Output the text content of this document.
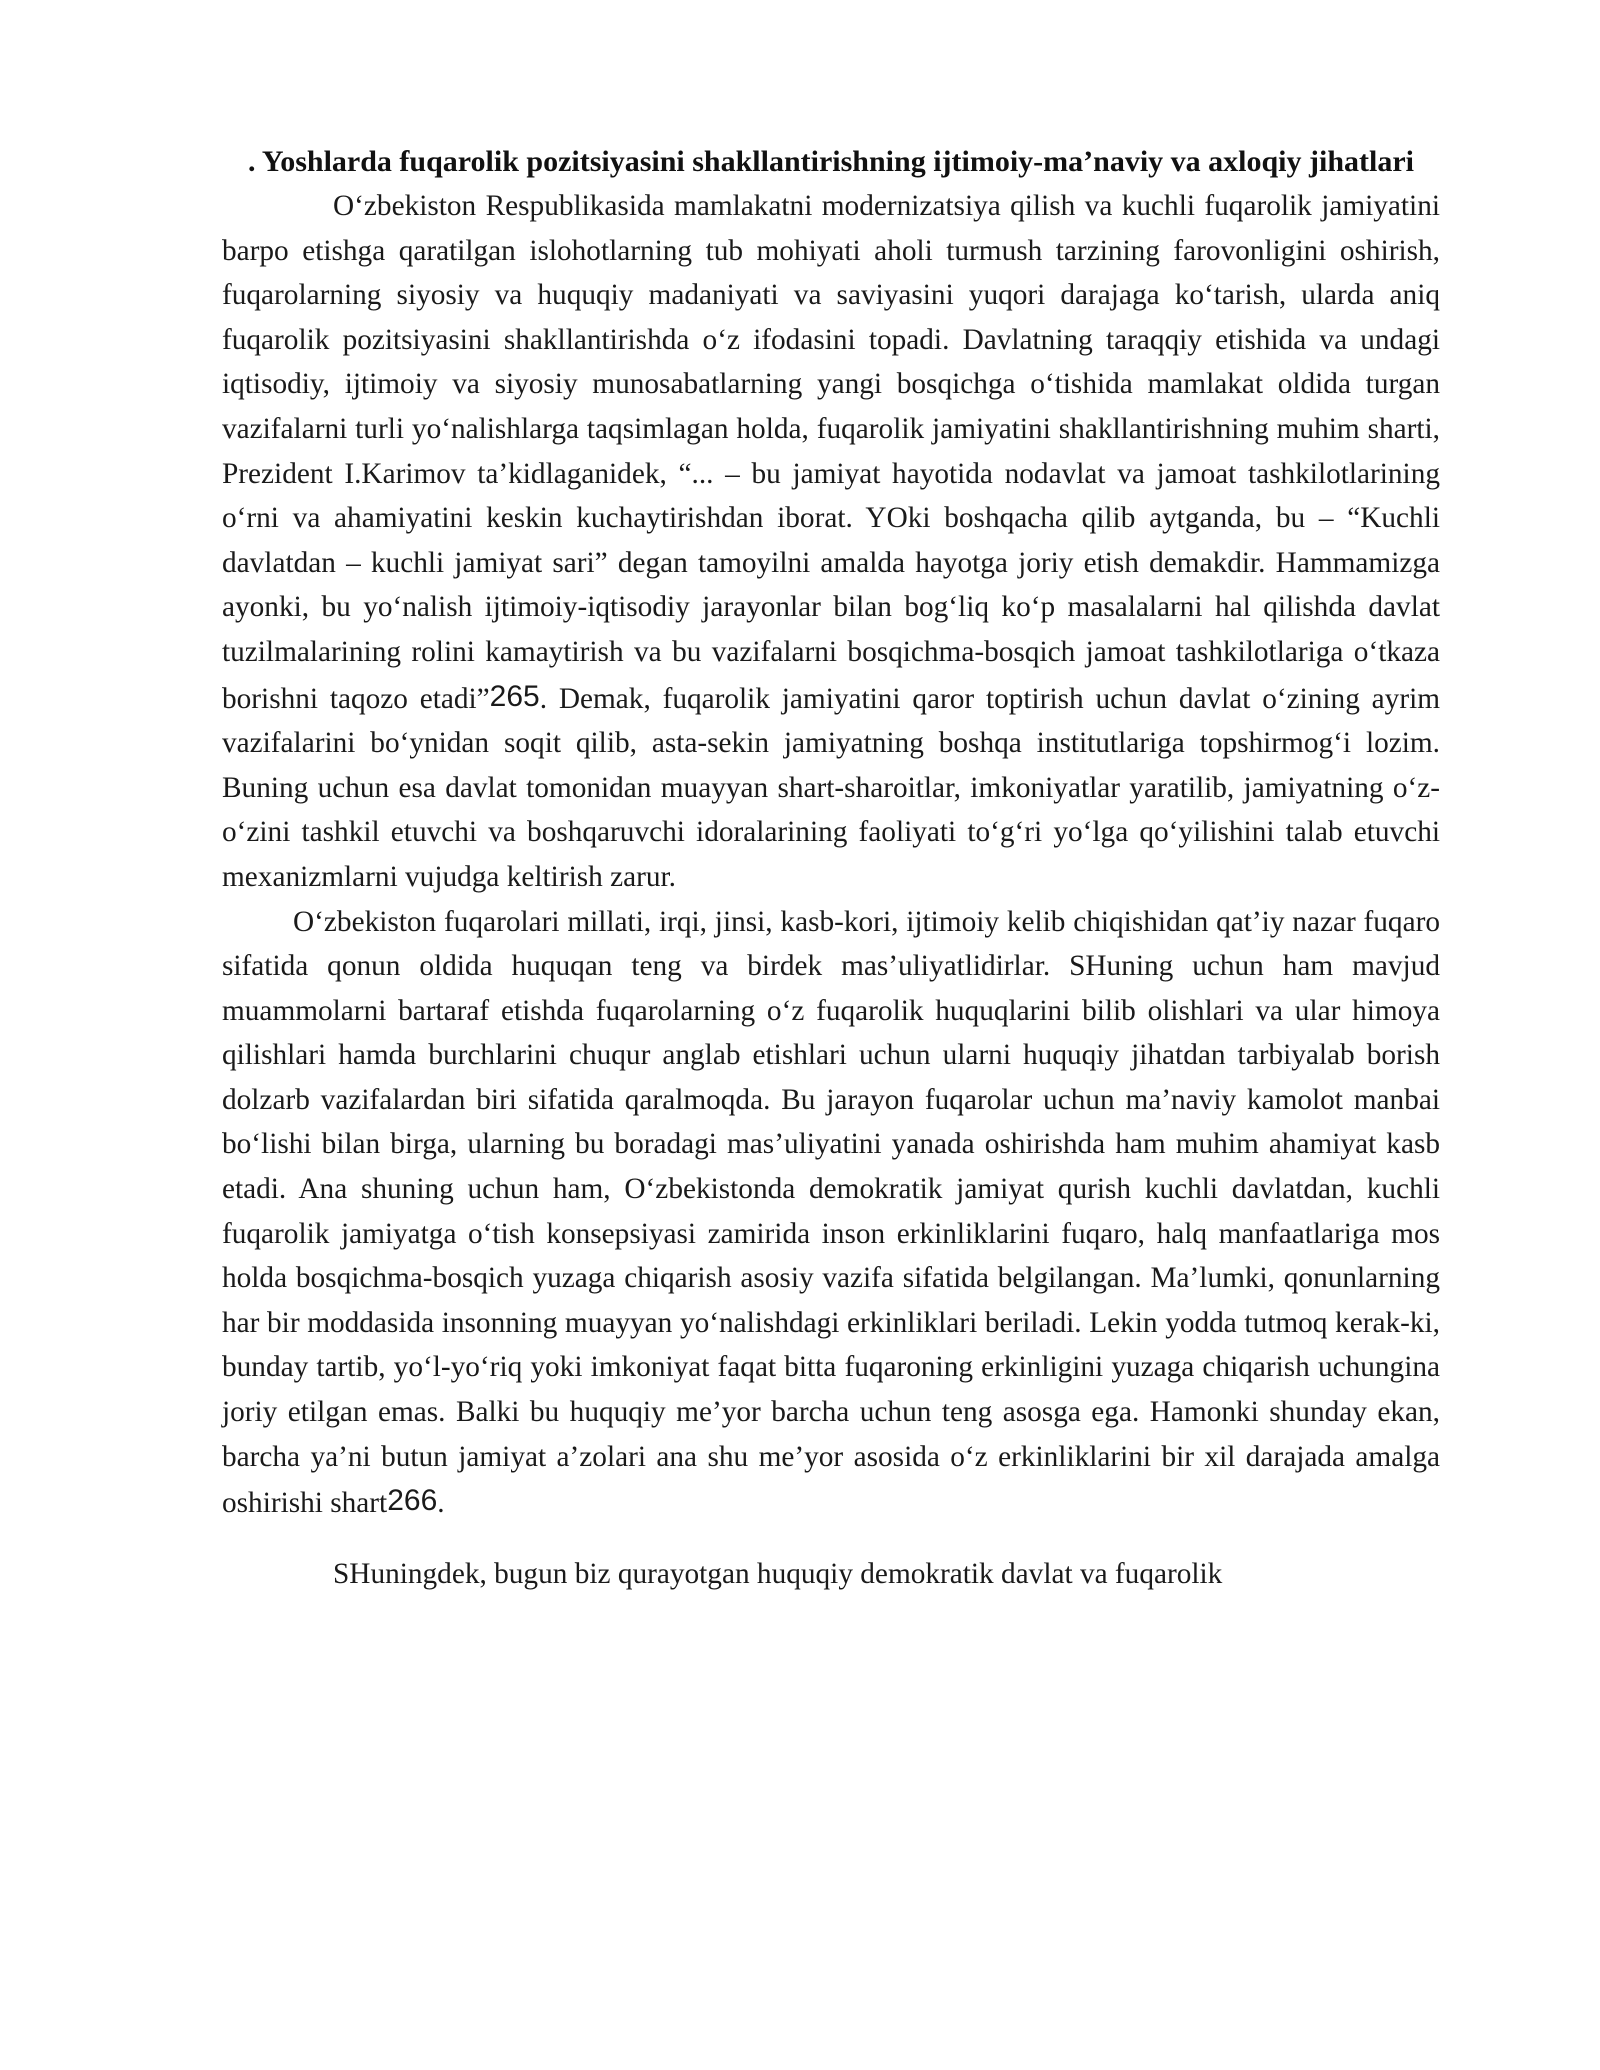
. Yoshlarda fuqarolik pozitsiyasini shakllantirishning ijtimoiy-ma’naviy va axloqiy jihatlari

O‘zbekiston Respublikasida mamlakatni modernizatsiya qilish va kuchli fuqarolik jamiyatini barpo etishga qaratilgan islohotlarning tub mohiyati aholi turmush tarzining farovonligini oshirish, fuqarolarning siyosiy va huquqiy madaniyati va saviyasini yuqori darajaga ko‘tarish, ularda aniq fuqarolik pozitsiyasini shakllantirishda o‘z ifodasini topadi. Davlatning taraqqiy etishida va undagi iqtisodiy, ijtimoiy va siyosiy munosabatlarning yangi bosqichga o‘tishida mamlakat oldida turgan vazifalarni turli yo‘nalishlarga taqsimlagan holda, fuqarolik jamiyatini shakllantirishning muhim sharti, Prezident I.Karimov ta’kidlaganidek, “... – bu jamiyat hayotida nodavlat va jamoat tashkilotlarining o‘rni va ahamiyatini keskin kuchaytirishdan iborat. YOki boshqacha qilib aytganda, bu – “Kuchli davlatdan – kuchli jamiyat sari” degan tamoyilni amalda hayotga joriy etish demakdir. Hammamizga ayonki, bu yo‘nalish ijtimoiy-iqtisodiy jarayonlar bilan bog‘liq ko‘p masalalarni hal qilishda davlat tuzilmalarining rolini kamaytirish va bu vazifalarni bosqichma-bosqich jamoat tashkilotlariga o‘tkaza borishni taqozo etadi”265. Demak, fuqarolik jamiyatini qaror toptirish uchun davlat o‘zining ayrim vazifalarini bo‘ynidan soqit qilib, asta-sekin jamiyatning boshqa institutlariga topshirmog‘i lozim. Buning uchun esa davlat tomonidan muayyan shart-sharoitlar, imkoniyatlar yaratilib, jamiyatning o‘z-o‘zini tashkil etuvchi va boshqaruvchi idoralarining faoliyati to‘g‘ri yo‘lga qo‘yilishini talab etuvchi mexanizmlarni vujudga keltirish zarur.

O‘zbekiston fuqarolari millati, irqi, jinsi, kasb-kori, ijtimoiy kelib chiqishidan qat’iy nazar fuqaro sifatida qonun oldida huquqan teng va birdek mas’uliyatlidirlar. SHuning uchun ham mavjud muammolarni bartaraf etishda fuqarolarning o‘z fuqarolik huquqlarini bilib olishlari va ular himoya qilishlari hamda burchlarini chuqur anglab etishlari uchun ularni huquqiy jihatdan tarbiyalab borish dolzarb vazifalardan biri sifatida qaralmoqda. Bu jarayon fuqarolar uchun ma’naviy kamolot manbai bo‘lishi bilan birga, ularning bu boradagi mas’uliyatini yanada oshirishda ham muhim ahamiyat kasb etadi. Ana shuning uchun ham, O‘zbekistonda demokratik jamiyat qurish kuchli davlatdan, kuchli fuqarolik jamiyatga o‘tish konsepsiyasi zamirida inson erkinliklarini fuqaro, halq manfaatlariga mos holda bosqichma-bosqich yuzaga chiqarish asosiy vazifa sifatida belgilangan. Ma’lumki, qonunlarning har bir moddasida insonning muayyan yo‘nalishdagi erkinliklari beriladi. Lekin yodda tutmoq kerak-ki, bunday tartib, yo‘l-yo‘riq yoki imkoniyat faqat bitta fuqaroning erkinligini yuzaga chiqarish uchungina joriy etilgan emas. Balki bu huquqiy me’yor barcha uchun teng asosga ega. Hamonki shunday ekan, barcha ya’ni butun jamiyat a’zolari ana shu me’yor asosida o‘z erkinliklarini bir xil darajada amalga oshirishi shart266.

SHuningdek, bugun biz qurayotgan huquqiy demokratik davlat va fuqarolik
